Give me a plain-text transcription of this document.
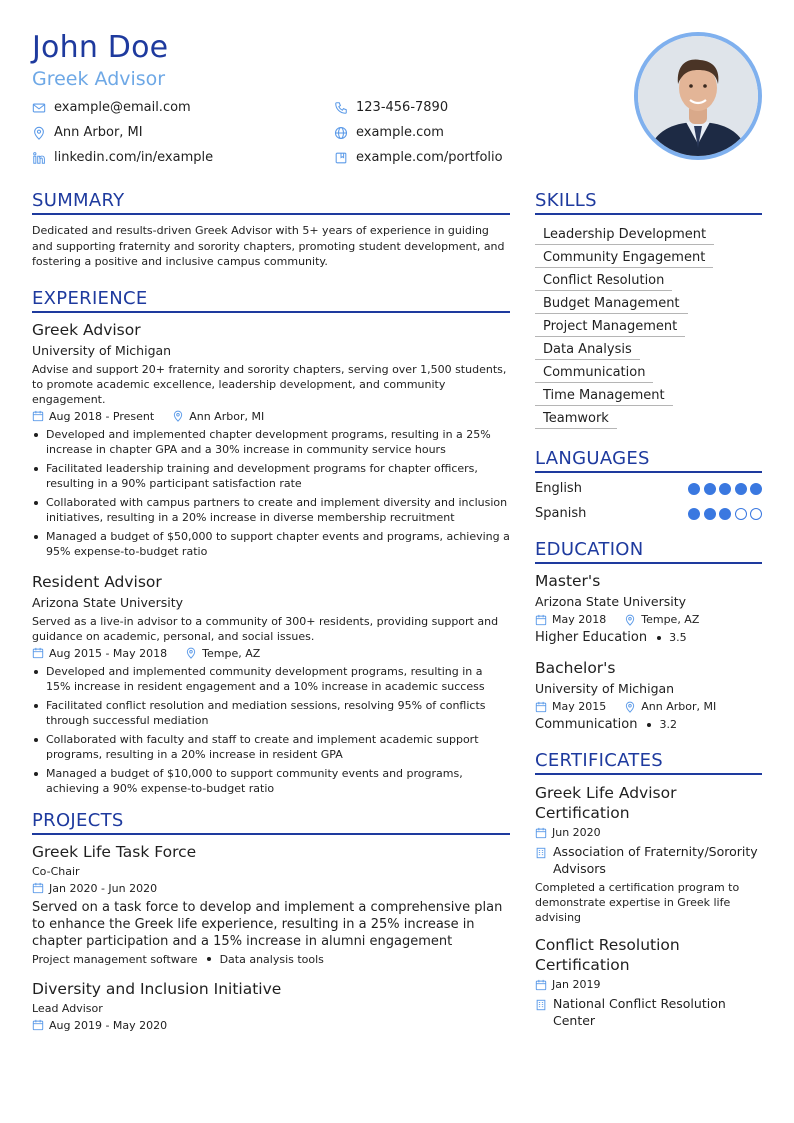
John Doe
Greek Advisor
example@email.com	123-456-7890
Ann Arbor, MI	example.com
linkedin.com/in/example	example.com/portfolio
SUMMARY
Dedicated and results-driven Greek Advisor with 5+ years of experience in guiding and supporting fraternity and sorority chapters, promoting student development, and fostering a positive and inclusive campus community.
EXPERIENCE
Greek Advisor
University of Michigan
Advise and support 20+ fraternity and sorority chapters, serving over 1,500 students, to promote academic excellence, leadership development, and community engagement.
Aug 2018 - Present	Ann Arbor, MI
Developed and implemented chapter development programs, resulting in a 25% increase in chapter GPA and a 30% increase in community service hours
Facilitated leadership training and development programs for chapter officers, resulting in a 90% participant satisfaction rate
Collaborated with campus partners to create and implement diversity and inclusion initiatives, resulting in a 20% increase in diverse membership recruitment
Managed a budget of $50,000 to support chapter events and programs, achieving a 95% expense-to-budget ratio
Resident Advisor
Arizona State University
Served as a live-in advisor to a community of 300+ residents, providing support and guidance on academic, personal, and social issues.
Aug 2015 - May 2018	Tempe, AZ
Developed and implemented community development programs, resulting in a 15% increase in resident engagement and a 10% increase in academic success
Facilitated conflict resolution and mediation sessions, resolving 95% of conflicts through successful mediation
Collaborated with faculty and staff to create and implement academic support programs, resulting in a 20% increase in resident GPA
Managed a budget of $10,000 to support community events and programs, achieving a 90% expense-to-budget ratio
PROJECTS
Greek Life Task Force
Co-Chair
Jan 2020 - Jun 2020
Served on a task force to develop and implement a comprehensive plan to enhance the Greek life experience, resulting in a 25% increase in chapter participation and a 15% increase in alumni engagement
Project management software Data analysis tools
Diversity and Inclusion Initiative
Lead Advisor
Aug 2019 - May 2020
SKILLS
Leadership Development
Community Engagement
Conflict Resolution
Budget Management
Project Management
Data Analysis
Communication
Time Management
Teamwork
LANGUAGES
English
Spanish
EDUCATION
Master's
Arizona State University
May 2018	Tempe, AZ
Higher Education 3.5
Bachelor's
University of Michigan
May 2015	Ann Arbor, MI
Communication 3.2
CERTIFICATES
Greek Life Advisor Certification
Jun 2020
Association of Fraternity/Sorority Advisors
Completed a certification program to demonstrate expertise in Greek life advising
Conflict Resolution Certification
Jan 2019
National Conflict Resolution Center
